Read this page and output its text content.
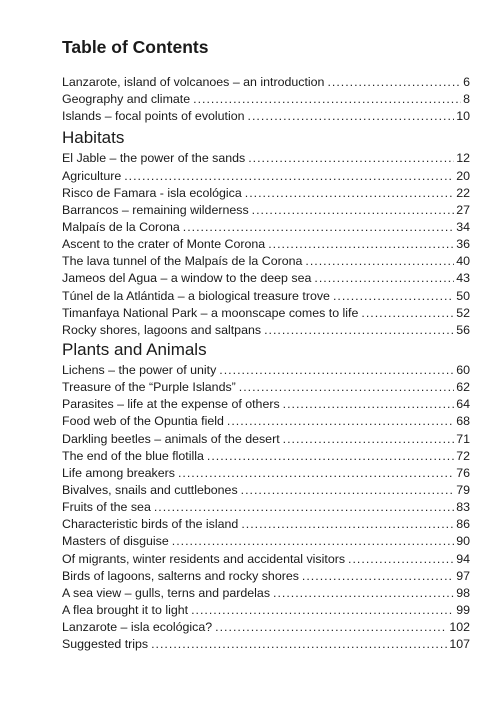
Table of Contents
Lanzarote, island of volcanoes – an introduction .....	6
Geography and climate .....	8
Islands – focal points of evolution .....	10
Habitats
El Jable – the power of the sands .....	12
Agriculture .....	20
Risco de Famara - isla ecológica .....	22
Barrancos – remaining wilderness .....	27
Malpaís de la Corona .....	34
Ascent to the crater of Monte Corona .....	36
The lava tunnel of the Malpaís de la Corona .....	40
Jameos del Agua – a window to the deep sea .....	43
Túnel de la Atlántida – a biological treasure trove .....	50
Timanfaya National Park – a moonscape comes to life .....	52
Rocky shores, lagoons and saltpans .....	56
Plants and Animals
Lichens – the power of unity .....	60
Treasure of the “Purple Islands” .....	62
Parasites – life at the expense of others .....	64
Food web of the Opuntia field .....	68
Darkling beetles – animals of the desert .....	71
The end of the blue flotilla .....	72
Life among breakers .....	76
Bivalves, snails and cuttlebones .....	79
Fruits of the sea .....	83
Characteristic birds of the island .....	86
Masters of disguise .....	90
Of migrants, winter residents and accidental visitors .....	94
Birds of lagoons, salterns and rocky shores .....	97
A sea view – gulls, terns and pardelas .....	98
A flea brought it to light .....	99
Lanzarote – isla ecológica? .....	102
Suggested trips .....	107
